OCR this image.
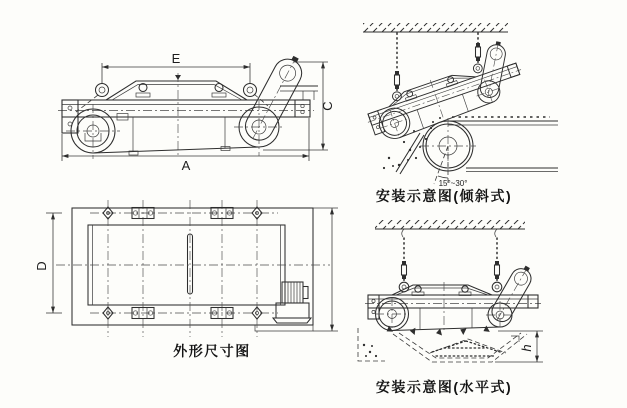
E
A
C
D
外形尺寸图
15°~30°
安装示意图(倾斜式)
h
安装示意图(水平式)
